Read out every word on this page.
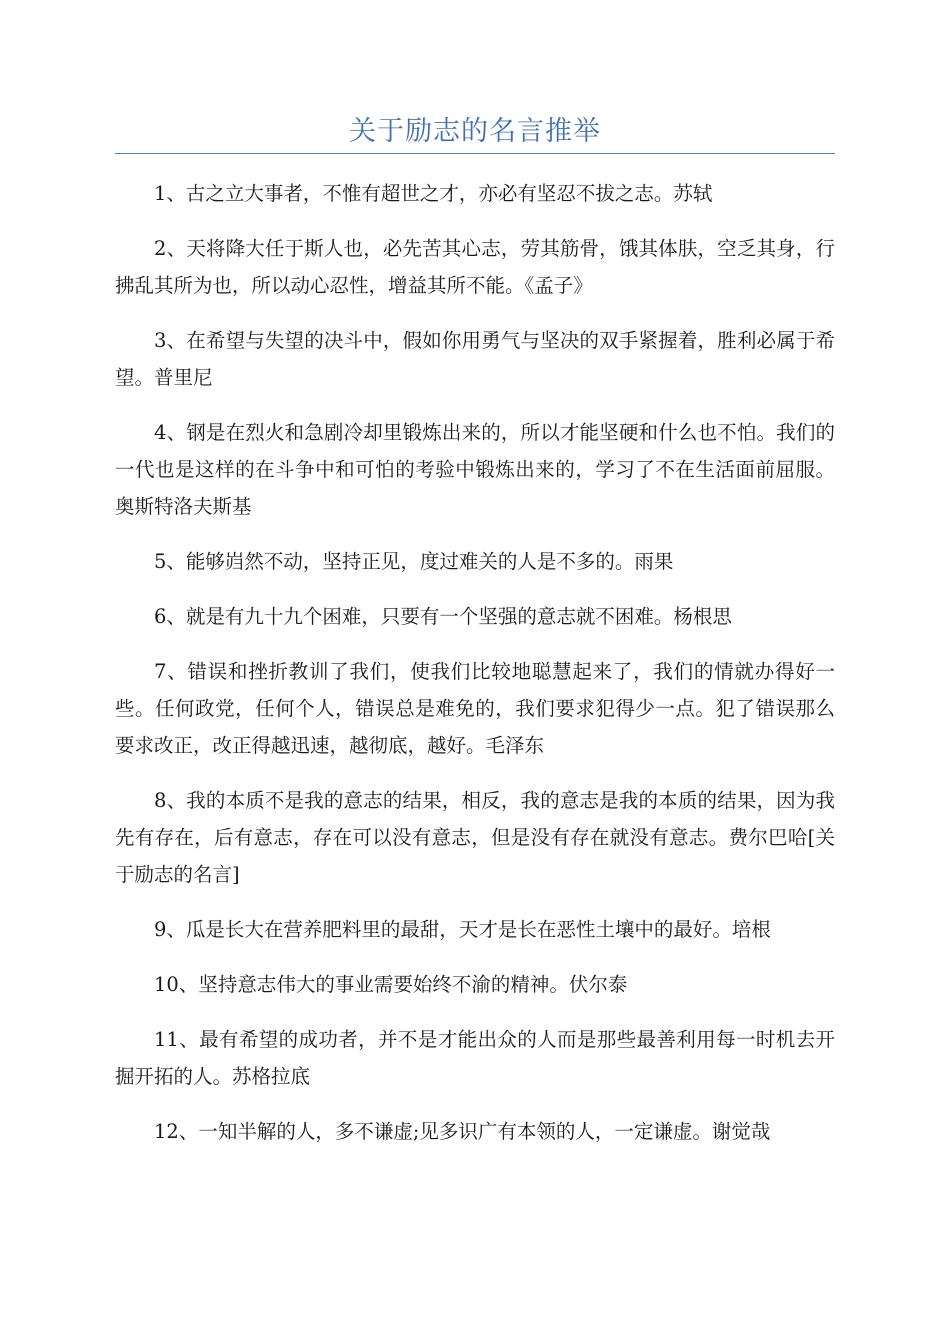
关于励志的名言推举

1、古之立大事者，不惟有超世之才，亦必有坚忍不拔之志。苏轼

2、天将降大任于斯人也，必先苦其心志，劳其筋骨，饿其体肤，空乏其身，行拂乱其所为也，所以动心忍性，增益其所不能。《孟子》

3、在希望与失望的决斗中，假如你用勇气与坚决的双手紧握着，胜利必属于希望。普里尼

4、钢是在烈火和急剧冷却里锻炼出来的，所以才能坚硬和什么也不怕。我们的一代也是这样的在斗争中和可怕的考验中锻炼出来的，学习了不在生活面前屈服。奥斯特洛夫斯基

5、能够岿然不动，坚持正见，度过难关的人是不多的。雨果

6、就是有九十九个困难，只要有一个坚强的意志就不困难。杨根思

7、错误和挫折教训了我们，使我们比较地聪慧起来了，我们的情就办得好一些。任何政党，任何个人，错误总是难免的，我们要求犯得少一点。犯了错误那么要求改正，改正得越迅速，越彻底，越好。毛泽东

8、我的本质不是我的意志的结果，相反，我的意志是我的本质的结果，因为我先有存在，后有意志，存在可以没有意志，但是没有存在就没有意志。费尔巴哈[关于励志的名言]

9、瓜是长大在营养肥料里的最甜，天才是长在恶性土壤中的最好。培根

10、坚持意志伟大的事业需要始终不渝的精神。伏尔泰

11、最有希望的成功者，并不是才能出众的人而是那些最善利用每一时机去开掘开拓的人。苏格拉底

12、一知半解的人，多不谦虚;见多识广有本领的人，一定谦虚。谢觉哉
